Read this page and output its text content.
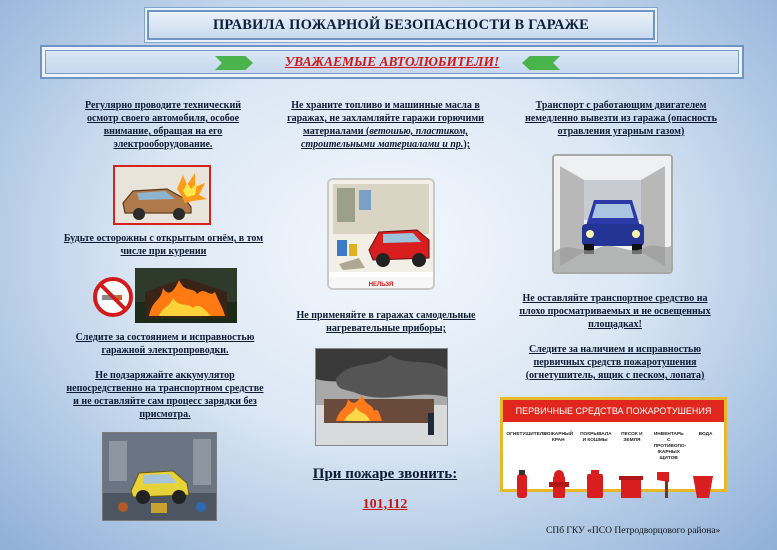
ПРАВИЛА ПОЖАРНОЙ БЕЗОПАСНОСТИ В ГАРАЖЕ
УВАЖАЕМЫЕ АВТОЛЮБИТЕЛИ!
Регулярно проводите технический осмотр своего автомобиля, особое внимание, обращая на его электрооборудование.
Будьте осторожны с открытым огнём, в том числе при курении
Следите за состоянием и исправностью гаражной электропроводки.
Не подзаряжайте аккумулятор непосредственно на транспортном средстве и не оставляйте сам процесс зарядки без присмотра.
Не храните топливо и машинные масла в гаражах, не захламляйте гаражи горючими материалами (ветошью, пластиком, строительными материалами и пр.);
НЕЛЬЗЯ
Не применяйте в гаражах самодельные нагревательные приборы;
При пожаре звонить:
101,112
Транспорт с работающим двигателем немедленно вывезти из гаража (опасность отравления угарным газом)
Не оставляйте транспортное средство на плохо просматриваемых и не освещенных площадках!
Следите за наличием и исправностью первичных средств пожаротушения (огнетушитель, ящик с песком, лопата)
ПЕРВИЧНЫЕ СРЕДСТВА ПОЖАРОТУШЕНИЯ
ОГНЕТУШИТЕЛЬ
ПОЖАРНЫЙ КРАН
ПОКРЫВАЛА И КОШМЫ
ПЕСОК И ЗЕМЛЯ
ИНВЕНТАРЬ С ПРОТИВОПО-ЖАРНЫХ ЩИТОВ
ВОДА
СПб ГКУ «ПСО Петродворцового района»
